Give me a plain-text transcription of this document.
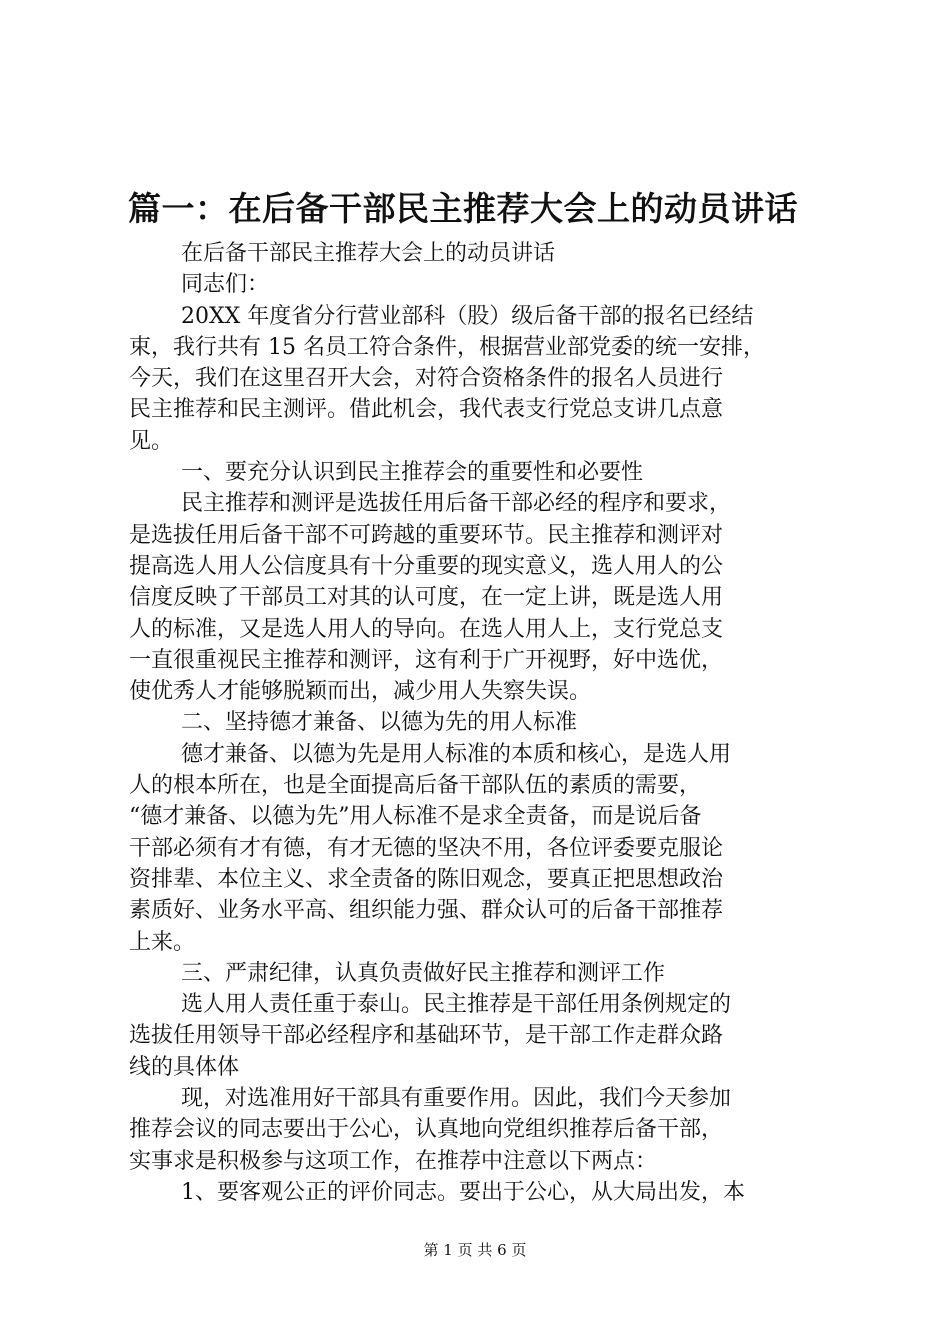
篇一：在后备干部民主推荐大会上的动员讲话
在后备干部民主推荐大会上的动员讲话
同志们：
20XX 年度省分行营业部科（股）级后备干部的报名已经结
束，我行共有 15 名员工符合条件，根据营业部党委的统一安排，
今天，我们在这里召开大会，对符合资格条件的报名人员进行
民主推荐和民主测评。借此机会，我代表支行党总支讲几点意
见。
一、要充分认识到民主推荐会的重要性和必要性
民主推荐和测评是选拔任用后备干部必经的程序和要求，
是选拔任用后备干部不可跨越的重要环节。民主推荐和测评对
提高选人用人公信度具有十分重要的现实意义，选人用人的公
信度反映了干部员工对其的认可度，在一定上讲，既是选人用
人的标准，又是选人用人的导向。在选人用人上，支行党总支
一直很重视民主推荐和测评，这有利于广开视野，好中选优，
使优秀人才能够脱颖而出，减少用人失察失误。
二、坚持德才兼备、以德为先的用人标准
德才兼备、以德为先是用人标准的本质和核心，是选人用
人的根本所在，也是全面提高后备干部队伍的素质的需要，
“德才兼备、以德为先”用人标准不是求全责备，而是说后备
干部必须有才有德，有才无德的坚决不用，各位评委要克服论
资排辈、本位主义、求全责备的陈旧观念，要真正把思想政治
素质好、业务水平高、组织能力强、群众认可的后备干部推荐
上来。
三、严肃纪律，认真负责做好民主推荐和测评工作
选人用人责任重于泰山。民主推荐是干部任用条例规定的
选拔任用领导干部必经程序和基础环节，是干部工作走群众路
线的具体体
现，对选准用好干部具有重要作用。因此，我们今天参加
推荐会议的同志要出于公心，认真地向党组织推荐后备干部，
实事求是积极参与这项工作，在推荐中注意以下两点：
1、要客观公正的评价同志。要出于公心，从大局出发，本
第 1 页 共 6 页
